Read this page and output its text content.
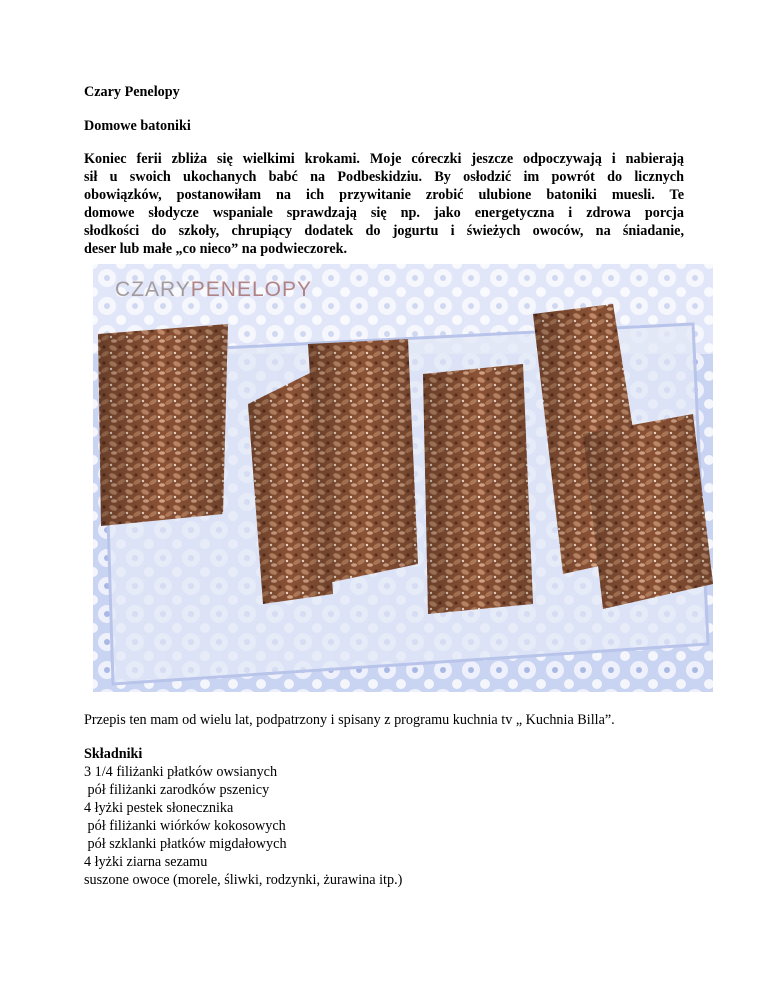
Czary Penelopy
Domowe batoniki
Koniec ferii zbliża się wielkimi krokami. Moje córeczki jeszcze odpoczywają i nabierają
sił u swoich ukochanych babć na Podbeskidziu. By osłodzić im powrót do licznych
obowiązków, postanowiłam na ich przywitanie zrobić ulubione batoniki muesli. Te
domowe słodycze wspaniale sprawdzają się np. jako energetyczna i zdrowa porcja
słodkości do szkoły, chrupiący dodatek do jogurtu i świeżych owoców, na śniadanie,
deser lub małe „co nieco” na podwieczorek.
CZARYPENELOPY
Przepis ten mam od wielu lat, podpatrzony i spisany z programu kuchnia tv „ Kuchnia Billa”.
Składniki
3 1/4 filiżanki płatków owsianych
pół filiżanki zarodków pszenicy
4 łyżki pestek słonecznika
pół filiżanki wiórków kokosowych
pół szklanki płatków migdałowych
4 łyżki ziarna sezamu
suszone owoce (morele, śliwki, rodzynki, żurawina itp.)
